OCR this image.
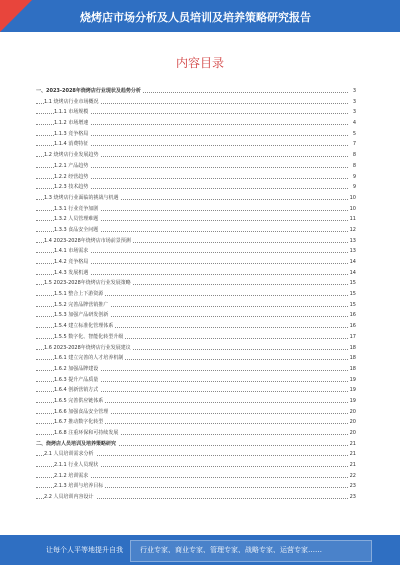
烧烤店市场分析及人员培训及培养策略研究报告
内容目录
一、2023-2028年烧烤店行业现状及趋势分析	3
1.1 烧烤店行业市场概况	3
1.1.1 市场规模	3
1.1.2 市场增速	4
1.1.3 竞争格局	5
1.1.4 消费特征	7
1.2 烧烤店行业发展趋势	8
1.2.1 产品趋势	8
1.2.2 经营趋势	9
1.2.3 技术趋势	9
1.3 烧烤店行业面临的挑战与机遇	10
1.3.1 行业竞争加剧	10
1.3.2 人员管理难题	11
1.3.3 食品安全问题	12
1.4 2023-2028年烧烤店市场前景预测	13
1.4.1 市场需求	13
1.4.2 竞争格局	14
1.4.3 发展机遇	14
1.5 2023-2028年烧烤店行业发展策略	15
1.5.1 整合上下游资源	15
1.5.2 完善品牌营销推广	15
1.5.3 加强产品研发创新	16
1.5.4 建立标准化管理体系	16
1.5.5 数字化、智能化转型升级	17
1.6 2023-2028年烧烤店行业发展建议	18
1.6.1 建立完善的人才培养机制	18
1.6.2 加强品牌建设	18
1.6.3 提升产品质量	19
1.6.4 创新营销方式	19
1.6.5 完善供应链体系	19
1.6.6 加强食品安全管理	20
1.6.7 推动数字化转型	20
1.6.8 注重环保和可持续发展	20
二、烧烤店人员培训及培养策略研究	21
2.1 人员培训需求分析	21
2.1.1 行业人员现状	21
2.1.2 培训需求	22
2.1.3 培训与培养目标	23
2.2 人员培训内容设计	23
让每个人平等地提升自我 行业专家、商业专家、管理专家、战略专家、运营专家……
